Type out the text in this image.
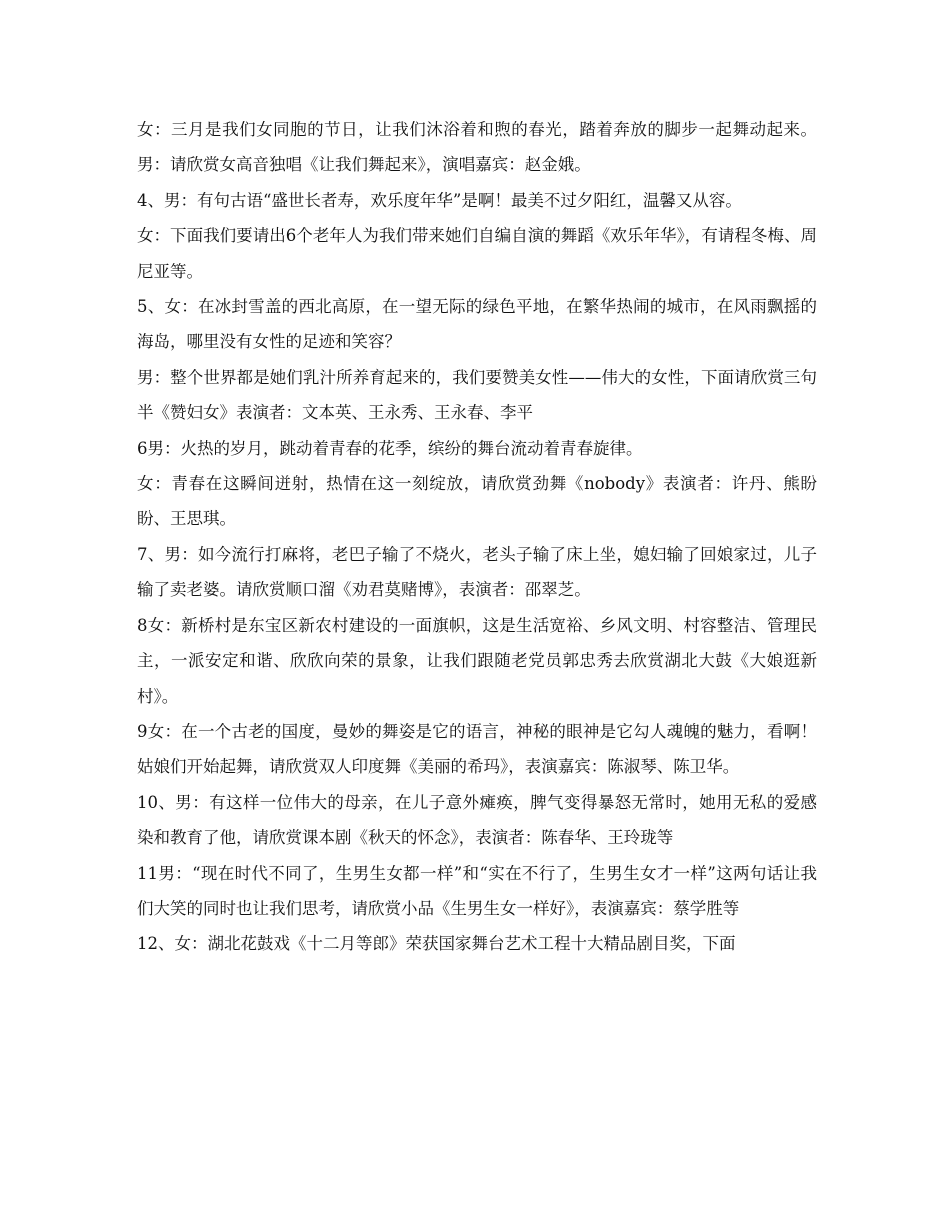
女：三月是我们女同胞的节日，让我们沐浴着和煦的春光，踏着奔放的脚步一起舞动起来。男：请欣赏女高音独唱《让我们舞起来》，演唱嘉宾：赵金娥。

4、男：有句古语“盛世长者寿，欢乐度年华”是啊！最美不过夕阳红，温馨又从容。

女：下面我们要请出6个老年人为我们带来她们自编自演的舞蹈《欢乐年华》，有请程冬梅、周尼亚等。

5、女：在冰封雪盖的西北高原，在一望无际的绿色平地，在繁华热闹的城市，在风雨飘摇的海岛，哪里没有女性的足迹和笑容？

男：整个世界都是她们乳汁所养育起来的，我们要赞美女性——伟大的女性，下面请欣赏三句半《赞妇女》表演者：文本英、王永秀、王永春、李平

6男：火热的岁月，跳动着青春的花季，缤纷的舞台流动着青春旋律。

女：青春在这瞬间迸射，热情在这一刻绽放，请欣赏劲舞《nobody》表演者：许丹、熊盼盼、王思琪。

7、男：如今流行打麻将，老巴子输了不烧火，老头子输了床上坐，媳妇输了回娘家过，儿子输了卖老婆。请欣赏顺口溜《劝君莫赌博》，表演者：邵翠芝。

8女：新桥村是东宝区新农村建设的一面旗帜，这是生活宽裕、乡风文明、村容整洁、管理民主，一派安定和谐、欣欣向荣的景象，让我们跟随老党员郭忠秀去欣赏湖北大鼓《大娘逛新村》。

9女：在一个古老的国度，曼妙的舞姿是它的语言，神秘的眼神是它勾人魂魄的魅力，看啊！姑娘们开始起舞，请欣赏双人印度舞《美丽的希玛》，表演嘉宾：陈淑琴、陈卫华。

10、男：有这样一位伟大的母亲，在儿子意外瘫痪，脾气变得暴怒无常时，她用无私的爱感染和教育了他，请欣赏课本剧《秋天的怀念》，表演者：陈春华、王玲珑等

11男：“现在时代不同了，生男生女都一样”和“实在不行了，生男生女才一样”这两句话让我们大笑的同时也让我们思考，请欣赏小品《生男生女一样好》，表演嘉宾：蔡学胜等

12、女：湖北花鼓戏《十二月等郎》荣获国家舞台艺术工程十大精品剧目奖，下面
